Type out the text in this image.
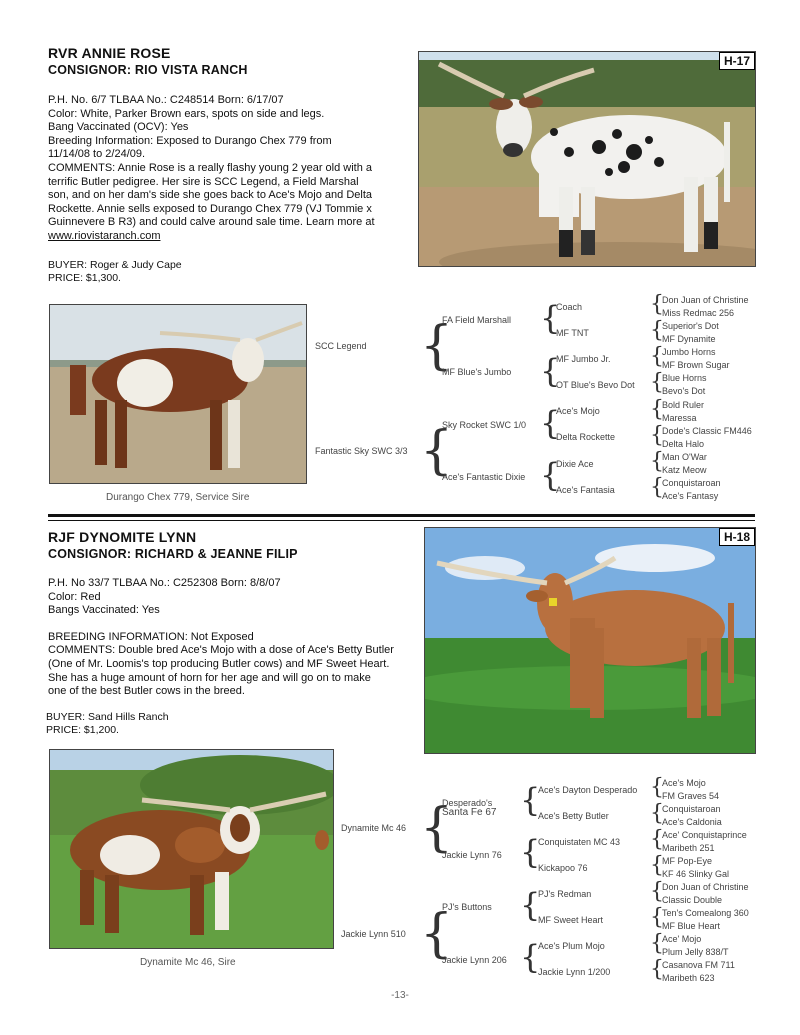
RVR ANNIE ROSE
CONSIGNOR: RIO VISTA RANCH
P.H. No. 6/7 TLBAA No.: C248514 Born: 6/17/07
Color: White, Parker Brown ears, spots on side and legs.
Bang Vaccinated (OCV): Yes
Breeding Information: Exposed to Durango Chex 779 from
11/14/08 to 2/24/09.
COMMENTS: Annie Rose is a really flashy young 2 year old with a
terrific Butler pedigree. Her sire is SCC Legend, a Field Marshal
son, and on her dam's side she goes back to Ace's Mojo and Delta
Rockette. Annie sells exposed to Durango Chex 779 (VJ Tommie x
Guinnevere B R3) and could calve around sale time. Learn more at
www.riovistaranch.com
BUYER: Roger & Judy Cape
PRICE: $1,300.
H-17
Durango Chex 779, Service Sire
SCC Legend
Fantastic Sky SWC 3/3
{
{
FA Field Marshall
MF Blue's Jumbo
Sky Rocket SWC 1/0
Ace's Fantastic Dixie
{
{
{
{
Coach
MF TNT
MF Jumbo Jr.
OT Blue's Bevo Dot
Ace's Mojo
Delta Rockette
Dixie Ace
Ace's Fantasia
{
{
{
{
{
{
{
{
Don Juan of Christine
Miss Redmac 256
Superior's Dot
MF Dynamite
Jumbo Horns
MF Brown Sugar
Blue Horns
Bevo's Dot
Bold Ruler
Maressa
Dode's Classic FM446
Delta Halo
Man O'War
Katz Meow
Conquistaroan
Ace's Fantasy
RJF DYNOMITE LYNN
CONSIGNOR: RICHARD & JEANNE FILIP
P.H. No 33/7 TLBAA No.: C252308 Born: 8/8/07
Color: Red
Bangs Vaccinated: Yes
BREEDING INFORMATION: Not Exposed
COMMENTS: Double bred Ace's Mojo with a dose of Ace's Betty Butler
(One of Mr. Loomis's top producing Butler cows) and MF Sweet Heart.
She has a huge amount of horn for her age and will go on to make
one of the best Butler cows in the breed.
BUYER: Sand Hills Ranch
PRICE: $1,200.
H-18
Dynamite Mc 46, Sire
Dynamite Mc 46
Jackie Lynn 510
{
{
Desperado's
Santa Fe 67
Jackie Lynn 76
PJ's Buttons
Jackie Lynn 206
{
{
{
{
Ace's Dayton Desperado
Ace's Betty Butler
Conquistaten MC 43
Kickapoo 76
PJ's Redman
MF Sweet Heart
Ace's Plum Mojo
Jackie Lynn 1/200
{
{
{
{
{
{
{
{
Ace's Mojo
FM Graves 54
Conquistaroan
Ace's Caldonia
Ace' Conquistaprince
Maribeth 251
MF Pop-Eye
KF 46 Slinky Gal
Don Juan of Christine
Classic Double
Ten's Comealong 360
MF Blue Heart
Ace' Mojo
Plum Jelly 838/T
Casanova FM 711
Maribeth 623
-13-
